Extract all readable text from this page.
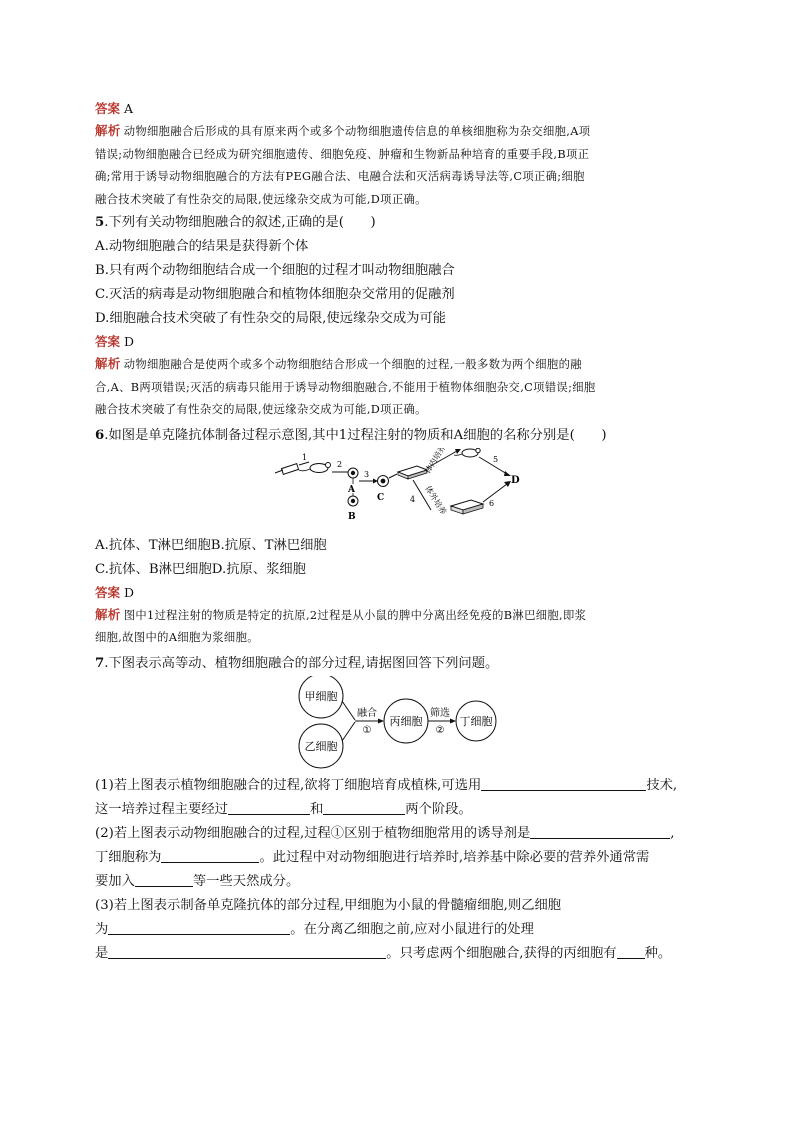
答案 A
解析 动物细胞融合后形成的具有原来两个或多个动物细胞遗传信息的单核细胞称为杂交细胞,A项
错误;动物细胞融合已经成为研究细胞遗传、细胞免疫、肿瘤和生物新品种培育的重要手段,B项正
确;常用于诱导动物细胞融合的方法有PEG融合法、电融合法和灭活病毒诱导法等,C项正确;细胞
融合技术突破了有性杂交的局限,使远缘杂交成为可能,D项正确。
5.下列有关动物细胞融合的叙述,正确的是(　　)
A.动物细胞融合的结果是获得新个体
B.只有两个动物细胞结合成一个细胞的过程才叫动物细胞融合
C.灭活的病毒是动物细胞融合和植物体细胞杂交常用的促融剂
D.细胞融合技术突破了有性杂交的局限,使远缘杂交成为可能
答案 D
解析 动物细胞融合是使两个或多个动物细胞结合形成一个细胞的过程,一般多数为两个细胞的融
合,A、B两项错误;灭活的病毒只能用于诱导动物细胞融合,不能用于植物体细胞杂交,C项错误;细胞
融合技术突破了有性杂交的局限,使远缘杂交成为可能,D项正确。
6.如图是单克隆抗体制备过程示意图,其中1过程注射的物质和A细胞的名称分别是(　　)
1
2
A
B
3
C	4
体内培养	5
体外培养	6
D
A.抗体、T淋巴细胞B.抗原、T淋巴细胞
C.抗体、B淋巴细胞D.抗原、浆细胞
答案 D
解析 图中1过程注射的物质是特定的抗原,2过程是从小鼠的脾中分离出经免疫的B淋巴细胞,即浆
细胞,故图中的A细胞为浆细胞。
7.下图表示高等动、植物细胞融合的部分过程,请据图回答下列问题。
甲细胞
乙细胞
融合
①
丙细胞
筛选
②
丁细胞
(1)若上图表示植物细胞融合的过程,欲将丁细胞培育成植株,可选用	技术,
这一培养过程主要经过	和	两个阶段。
(2)若上图表示动物细胞融合的过程,过程①区别于植物细胞常用的诱导剂是	,
丁细胞称为	。此过程中对动物细胞进行培养时,培养基中除必要的营养外通常需
要加入	等一些天然成分。
(3)若上图表示制备单克隆抗体的部分过程,甲细胞为小鼠的骨髓瘤细胞,则乙细胞
为	。在分离乙细胞之前,应对小鼠进行的处理
是	。只考虑两个细胞融合,获得的丙细胞有 种。
